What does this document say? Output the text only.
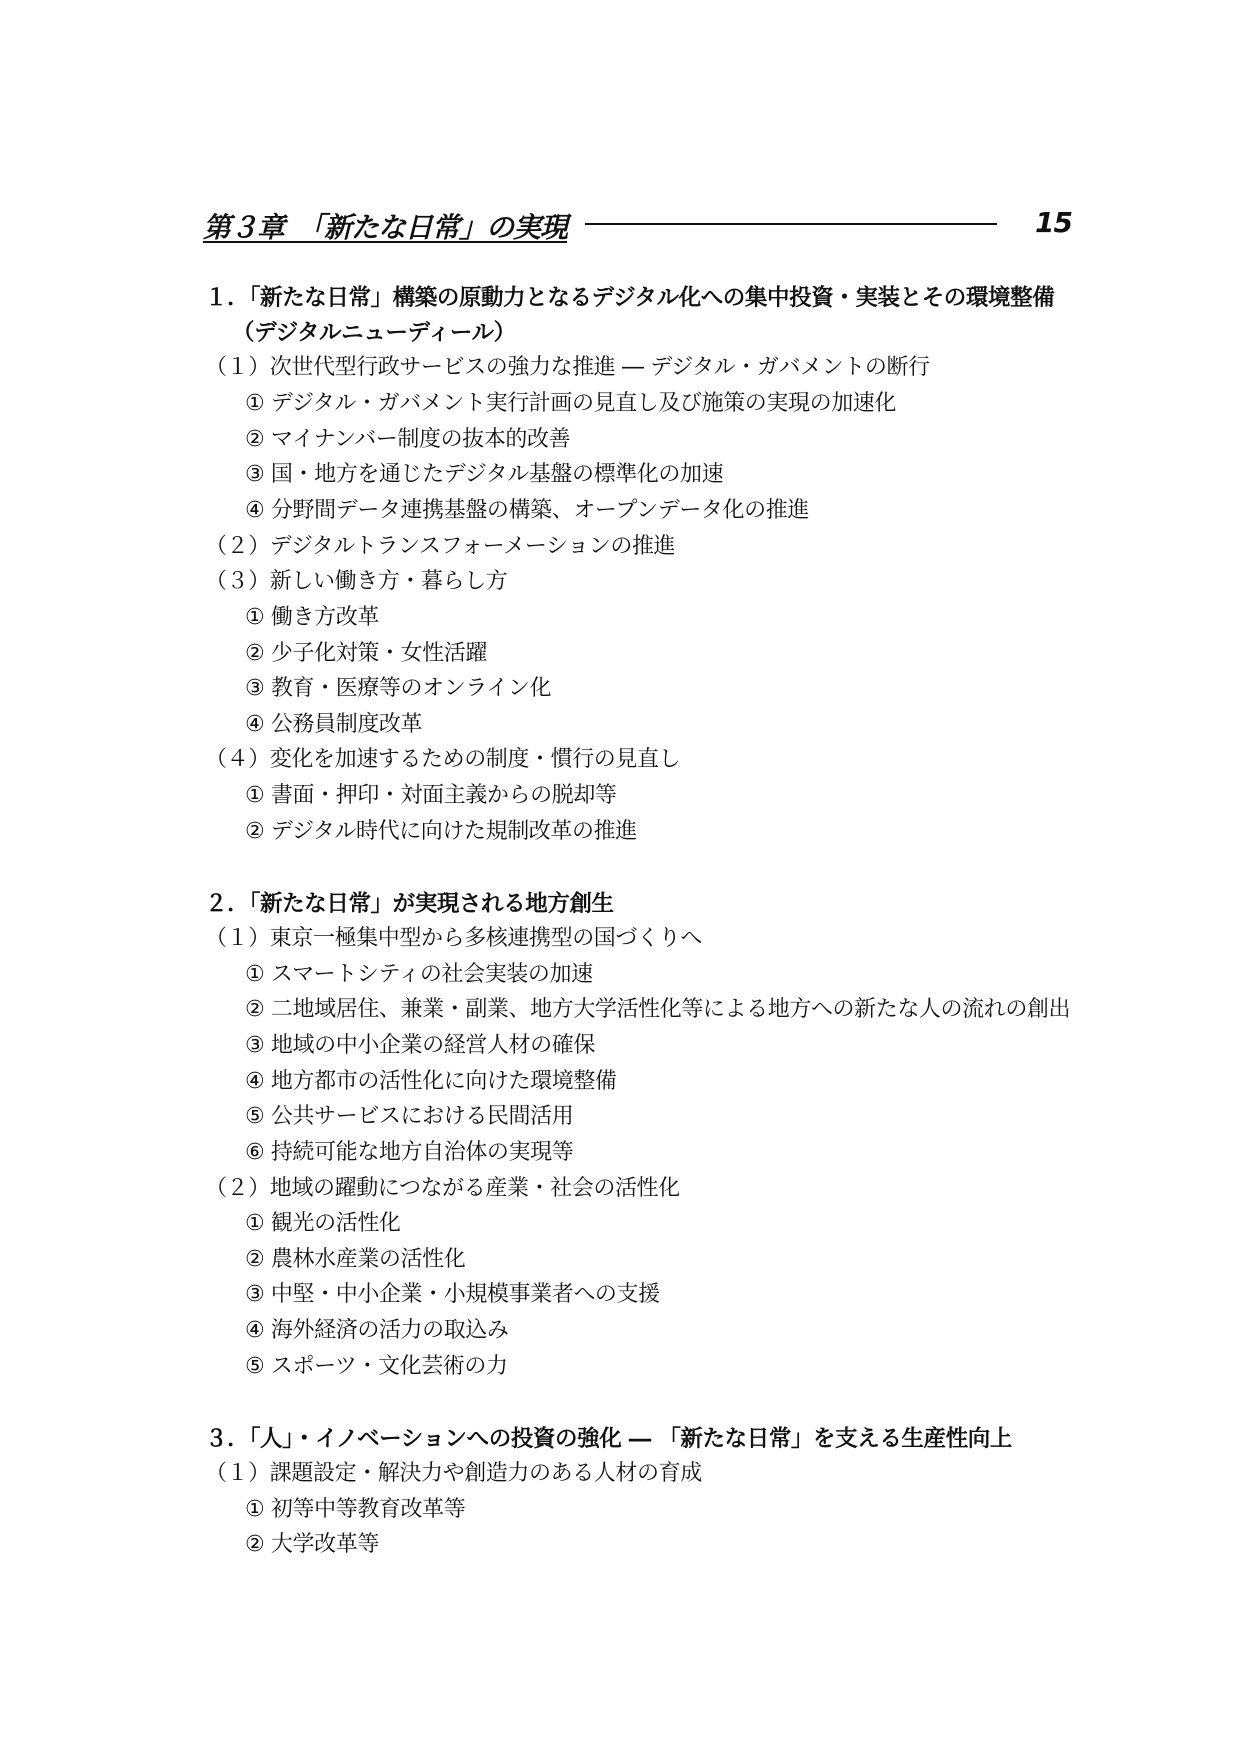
第３章　「新たな日常」の実現	15
１．「新たな日常」構築の原動力となるデジタル化への集中投資・実装とその環境整備
（デジタルニューディール）
（１）次世代型行政サービスの強力な推進 ― デジタル・ガバメントの断行
① デジタル・ガバメント実行計画の見直し及び施策の実現の加速化
② マイナンバー制度の抜本的改善
③ 国・地方を通じたデジタル基盤の標準化の加速
④ 分野間データ連携基盤の構築、オープンデータ化の推進
（２）デジタルトランスフォーメーションの推進
（３）新しい働き方・暮らし方
① 働き方改革
② 少子化対策・女性活躍
③ 教育・医療等のオンライン化
④ 公務員制度改革
（４）変化を加速するための制度・慣行の見直し
① 書面・押印・対面主義からの脱却等
② デジタル時代に向けた規制改革の推進
２．「新たな日常」が実現される地方創生
（１）東京一極集中型から多核連携型の国づくりへ
① スマートシティの社会実装の加速
② 二地域居住、兼業・副業、地方大学活性化等による地方への新たな人の流れの創出
③ 地域の中小企業の経営人材の確保
④ 地方都市の活性化に向けた環境整備
⑤ 公共サービスにおける民間活用
⑥ 持続可能な地方自治体の実現等
（２）地域の躍動につながる産業・社会の活性化
① 観光の活性化
② 農林水産業の活性化
③ 中堅・中小企業・小規模事業者への支援
④ 海外経済の活力の取込み
⑤ スポーツ・文化芸術の力
３．「人」・イノベーションへの投資の強化 ― 「新たな日常」を支える生産性向上
（１）課題設定・解決力や創造力のある人材の育成
① 初等中等教育改革等
② 大学改革等
